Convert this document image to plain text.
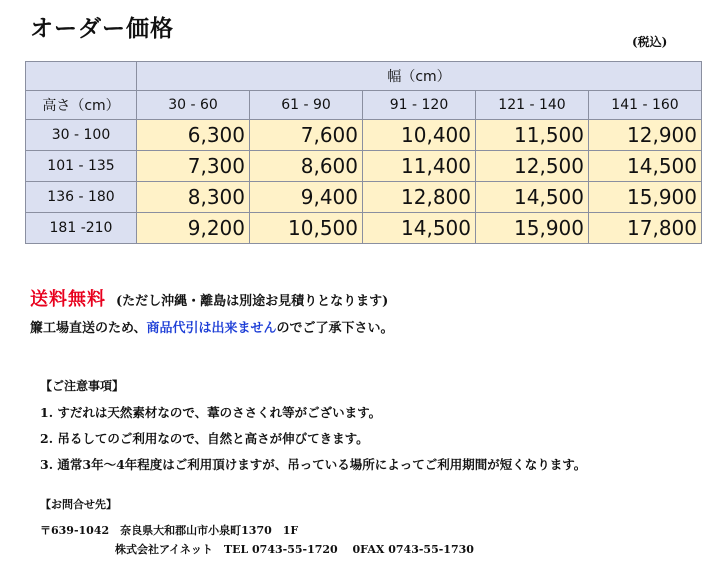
オーダー価格	(税込)
	幅（cm）				
高さ（cm）	30 - 60	61 - 90	91 - 120	121 - 140	141 - 160
30 - 100	6,300	7,600	10,400	11,500	12,900
101 - 135	7,300	8,600	11,400	12,500	14,500
136 - 180	8,300	9,400	12,800	14,500	15,900
181 -210	9,200	10,500	14,500	15,900	17,800
送料無料 (ただし沖縄・離島は別途お見積りとなります)
簾工場直送のため、商品代引は出来ませんのでご了承下さい。
【ご注意事項】
1. すだれは天然素材なので、葦のささくれ等がございます。
2. 吊るしてのご利用なので、自然と高さが伸びてきます。
3. 通常3年～4年程度はご利用頂けますが、吊っている場所によってご利用期間が短くなります。
【お問合せ先】
〒639-1042　奈良県大和郡山市小泉町1370　1F
株式会社アイネット　TEL 0743-55-1720　 0FAX 0743-55-1730
